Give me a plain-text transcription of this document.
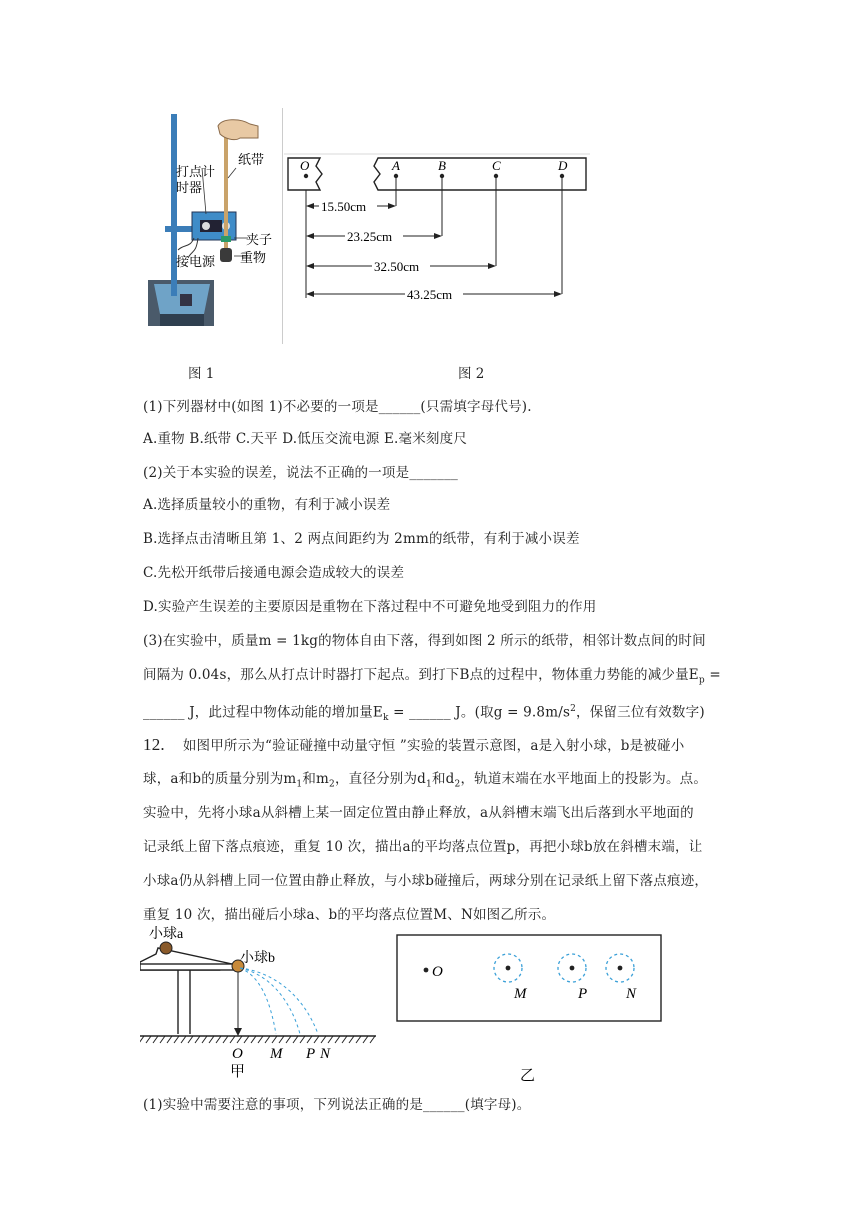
打点计
时器
纸带
夹子
接电源 重物
O	A	B	C	D
15.50cm
23.25cm
32.50cm
43.25cm
图 1	图 2
(1)下列器材中(如图 1)不必要的一项是______(只需填字母代号).
A.重物 B.纸带 C.天平 D.低压交流电源 E.毫米刻度尺
(2)关于本实验的误差，说法不正确的一项是_______
A.选择质量较小的重物，有利于减小误差
B.选择点击清晰且第 1、2 两点间距约为 2mm的纸带，有利于减小误差
C.先松开纸带后接通电源会造成较大的误差
D.实验产生误差的主要原因是重物在下落过程中不可避免地受到阻力的作用
(3)在实验中，质量m = 1kg的物体自由下落，得到如图 2 所示的纸带，相邻计数点间的时间
间隔为 0.04s，那么从打点计时器打下起点。到打下B点的过程中，物体重力势能的减少量$E_p$ =
______ J，此过程中物体动能的增加量$E_k$ = ______ J。(取$g = 9.8m/s^2$，保留三位有效数字)
12. 如图甲所示为“验证碰撞中动量守恒 ”实验的装置示意图，a是入射小球，b是被碰小
球，a和b的质量分别为$m_1$和$m_2$，直径分别为$d_1$和$d_2$，轨道末端在水平地面上的投影为。点。
实验中，先将小球a从斜槽上某一固定位置由静止释放，a从斜槽末端飞出后落到水平地面的
记录纸上留下落点痕迹，重复 10 次，描出a的平均落点位置p，再把小球b放在斜槽末端，让
小球a仍从斜槽上同一位置由静止释放，与小球b碰撞后，两球分别在记录纸上留下落点痕迹，
重复 10 次，描出碰后小球a、b的平均落点位置M、N如图乙所示。
小球a
小球b
O M P N
甲
O
M	P	N
乙
(1)实验中需要注意的事项，下列说法正确的是______(填字母)。
